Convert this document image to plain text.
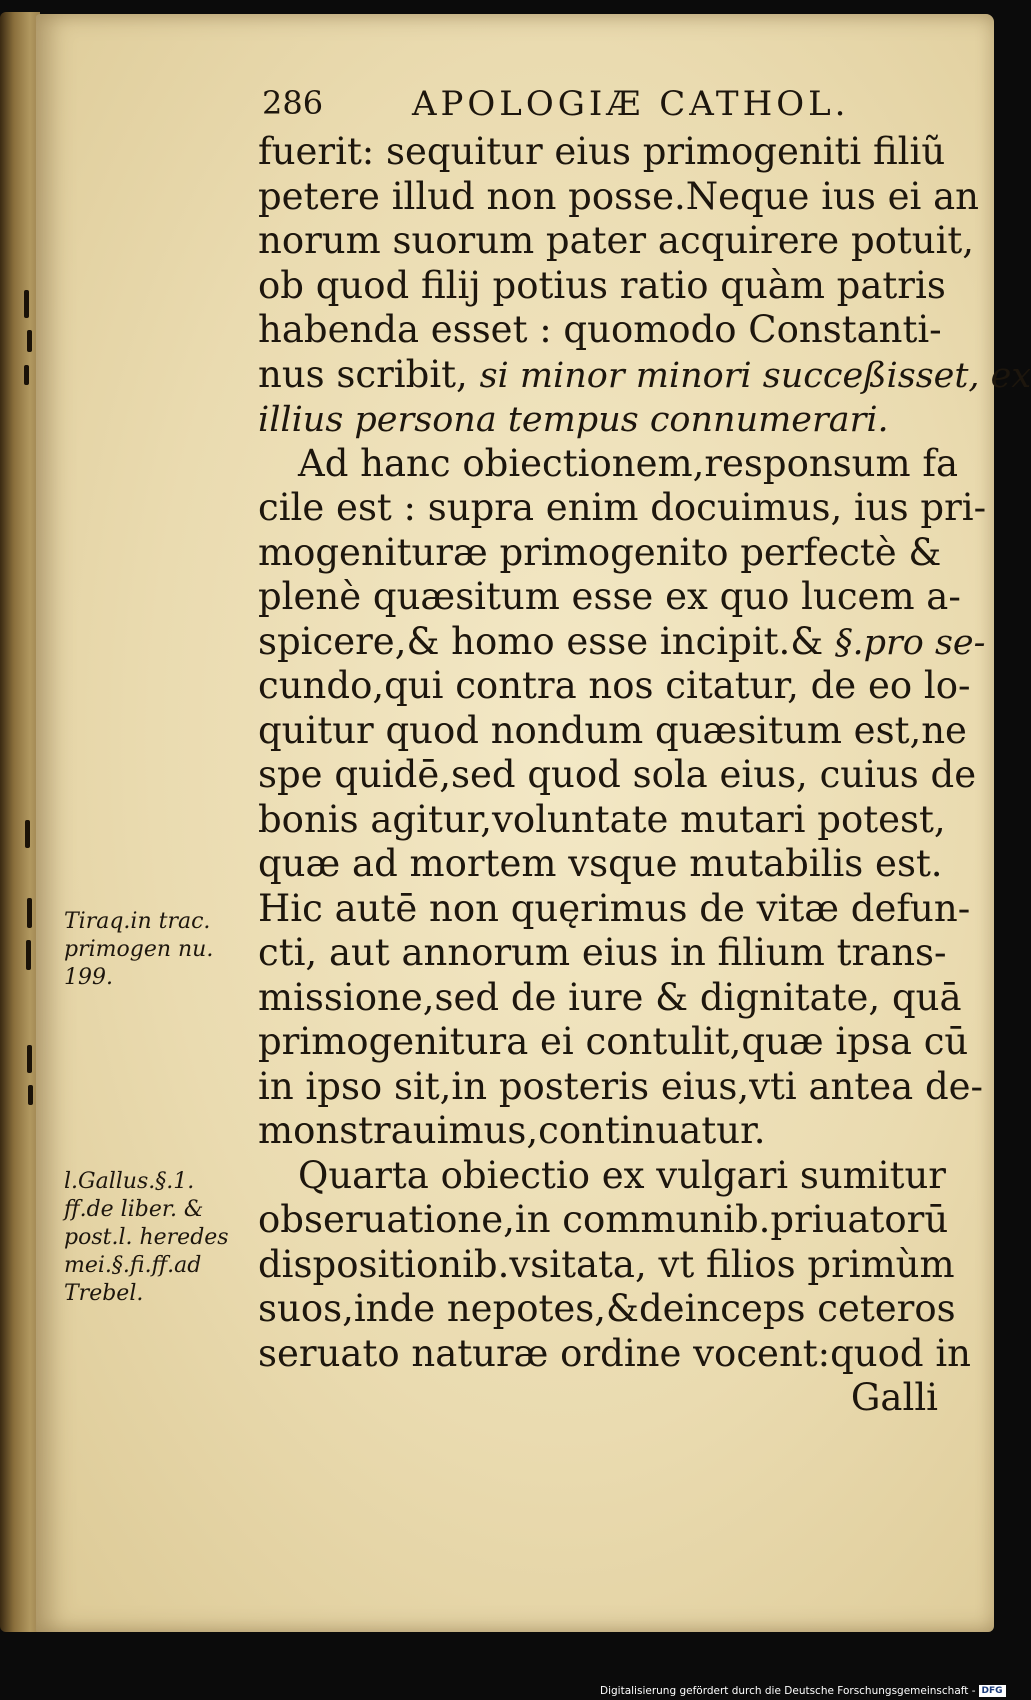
286	APOLOGIÆ CATHOL.
fuerit: sequitur eius primogeniti filiũ
petere illud non posse.Neque ius ei an
norum suorum pater acquirere potuit,
ob quod filij potius ratio quàm patris
habenda esset : quomodo Constanti-
nus scribit, si minor minori succeßisset, ex
illius persona tempus connumerari.
Ad hanc obiectionem,responsum fa
cile est : supra enim docuimus, ius pri-
mogenituræ primogenito perfectè &
plenè quæsitum esse ex quo lucem a-
spicere,& homo esse incipit.& §.pro se-
cundo,qui contra nos citatur, de eo lo-
quitur quod nondum quæsitum est,ne
spe quidē,sed quod sola eius, cuius de
bonis agitur,voluntate mutari potest,
quæ ad mortem vsque mutabilis est.
Hic autē non quęrimus de vitæ defun-
cti, aut annorum eius in filium trans-
missione,sed de iure & dignitate, quā
primogenitura ei contulit,quæ ipsa cū
in ipso sit,in posteris eius,vti antea de-
monstrauimus,continuatur.
Quarta obiectio ex vulgari sumitur
obseruatione,in communib.priuatorū
dispositionib.vsitata, vt filios primùm
suos,inde nepotes,&deinceps ceteros
seruato naturæ ordine vocent:quod in
Galli
Tiraq.in trac.
primogen nu.
199.
l.Gallus.§.1.
ff.de liber. &
post.l. heredes
mei.§.fi.ff.ad
Trebel.
Digitalisierung gefördert durch die Deutsche Forschungsgemeinschaft - DFG
